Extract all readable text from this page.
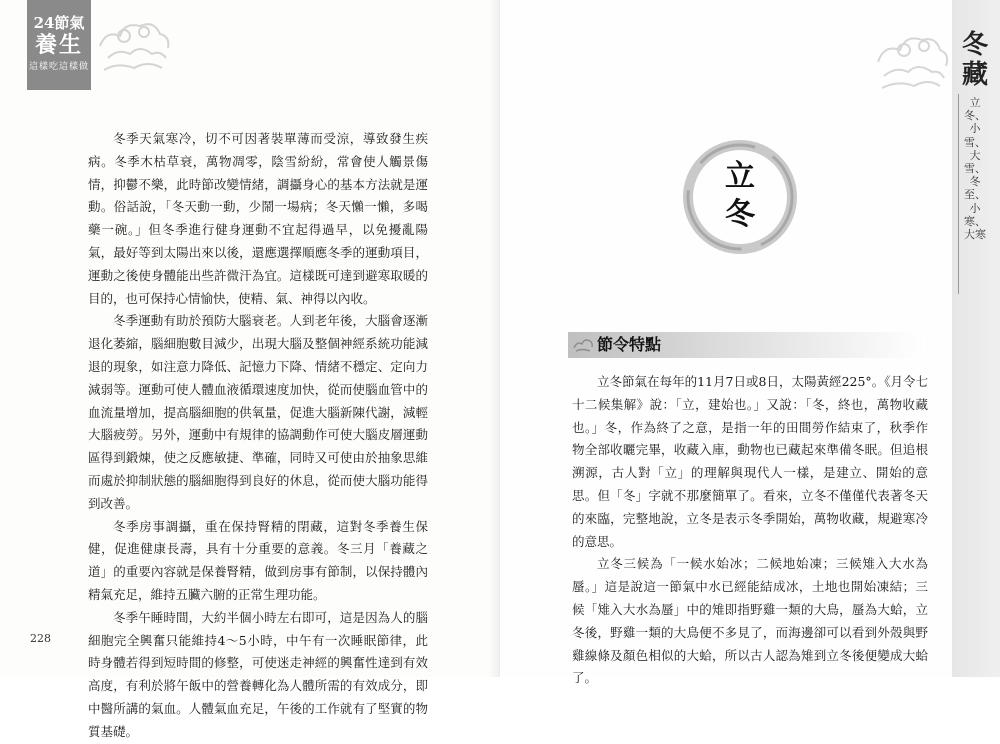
24節氣
養生
這樣吃這樣做

冬季天氣寒冷，切不可因著裝單薄而受涼，導致發生疾病。冬季木枯草衰，萬物凋零，陰雪紛紛，常會使人觸景傷情，抑鬱不樂，此時節改變情緒，調攝身心的基本方法就是運動。俗話說，「冬天動一動，少鬧一場病；冬天懶一懶，多喝藥一碗。」但冬季進行健身運動不宜起得過早，以免擾亂陽氣，最好等到太陽出來以後，還應選擇順應冬季的運動項目，運動之後使身體能出些許微汗為宜。這樣既可達到避寒取暖的目的，也可保持心情愉快，使精、氣、神得以內收。

冬季運動有助於預防大腦衰老。人到老年後，大腦會逐漸退化萎縮，腦細胞數目減少，出現大腦及整個神經系統功能減退的現象，如注意力降低、記憶力下降、情緒不穩定、定向力減弱等。運動可使人體血液循環速度加快，從而使腦血管中的血流量增加，提高腦細胞的供氧量，促進大腦新陳代謝，減輕大腦疲勞。另外，運動中有規律的協調動作可使大腦皮層運動區得到鍛煉，使之反應敏捷、準確，同時又可使由於抽象思維而處於抑制狀態的腦細胞得到良好的休息，從而使大腦功能得到改善。

冬季房事調攝，重在保持腎精的閉藏，這對冬季養生保健，促進健康長壽，具有十分重要的意義。冬三月「養藏之道」的重要內容就是保養腎精，做到房事有節制，以保持體內精氣充足，維持五臟六腑的正常生理功能。

冬季午睡時間，大約半個小時左右即可，這是因為人的腦細胞完全興奮只能維持4～5小時，中午有一次睡眠節律，此時身體若得到短時間的修整，可使迷走神經的興奮性達到有效高度，有利於將午飯中的營養轉化為人體所需的有效成分，即中醫所講的氣血。人體氣血充足，午後的工作就有了堅實的物質基礎。

228
立
冬
節令特點

立冬節氣在每年的11月7日或8日，太陽黃經225°。《月令七十二候集解》說：「立，建始也。」又說：「冬，終也，萬物收藏也。」冬，作為終了之意，是指一年的田間勞作結束了，秋季作物全部收曬完畢，收藏入庫，動物也已藏起來準備冬眠。但追根溯源，古人對「立」的理解與現代人一樣，是建立、開始的意思。但「冬」字就不那麼簡單了。看來，立冬不僅僅代表著冬天的來臨，完整地說，立冬是表示冬季開始，萬物收藏，規避寒冷的意思。

立冬三候為「一候水始冰；二候地始凍；三候雉入大水為蜃。」這是說這一節氣中水已經能結成冰，土地也開始凍結；三候「雉入大水為蜃」中的雉即指野雞一類的大鳥，蜃為大蛤，立冬後，野雞一類的大鳥便不多見了，而海邊卻可以看到外殼與野雞線條及顏色相似的大蛤，所以古人認為雉到立冬後便變成大蛤了。

冬藏
立冬、小雪、大雪、冬至、小寒、大寒
